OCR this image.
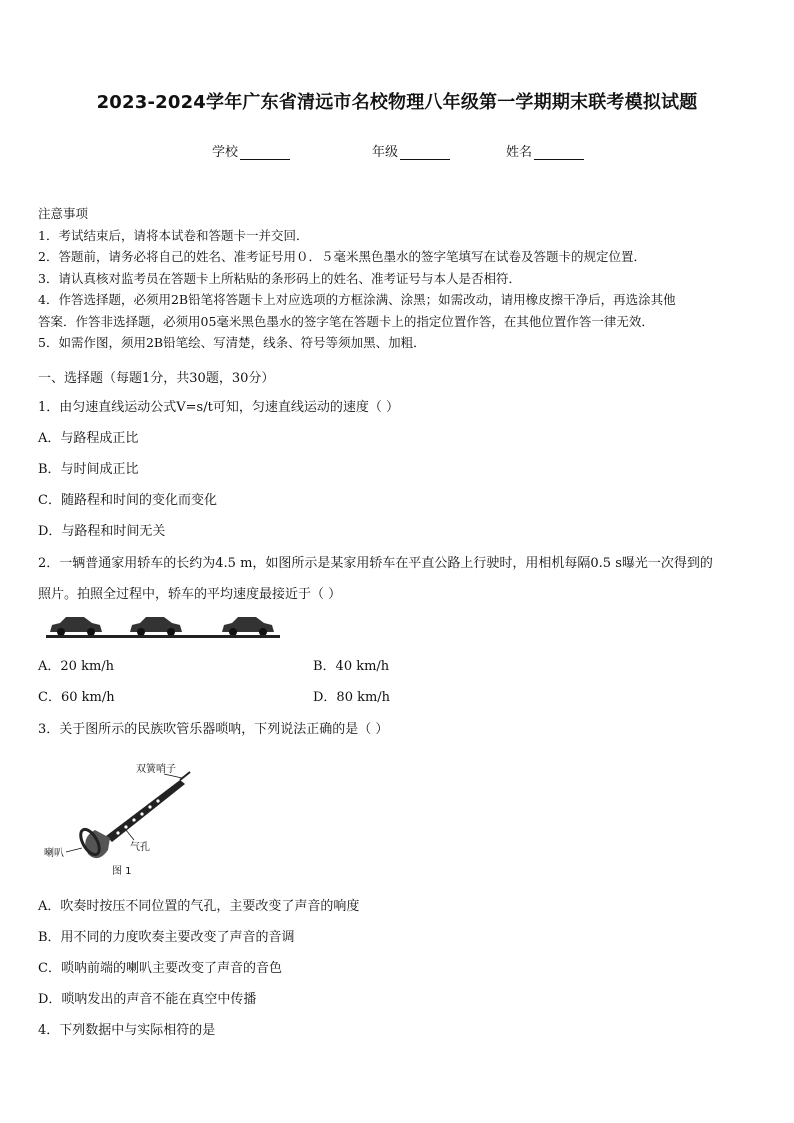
2023-2024学年广东省清远市名校物理八年级第一学期期末联考模拟试题
学校	年级	姓名
注意事项
1．考试结束后，请将本试卷和答题卡一并交回．
2．答题前，请务必将自己的姓名、准考证号用０．５毫米黑色墨水的签字笔填写在试卷及答题卡的规定位置．
3．请认真核对监考员在答题卡上所粘贴的条形码上的姓名、准考证号与本人是否相符．
4．作答选择题，必须用2B铅笔将答题卡上对应选项的方框涂满、涂黑；如需改动，请用橡皮擦干净后，再选涂其他
答案．作答非选择题，必须用05毫米黑色墨水的签字笔在答题卡上的指定位置作答，在其他位置作答一律无效．
5．如需作图，须用2B铅笔绘、写清楚，线条、符号等须加黑、加粗．
一、选择题（每题1分，共30题，30分）
1．由匀速直线运动公式V=s/t可知，匀速直线运动的速度（ ）
A．与路程成正比
B．与时间成正比
C．随路程和时间的变化而变化
D．与路程和时间无关
2．一辆普通家用轿车的长约为4.5 m，如图所示是某家用轿车在平直公路上行驶时，用相机每隔0.5 s曝光一次得到的
照片。拍照全过程中，轿车的平均速度最接近于（ ）
A．20 km/h	B．40 km/h
C．60 km/h	D．80 km/h
3．关于图所示的民族吹管乐器唢呐，下列说法正确的是（ ）
双簧哨子
气孔
喇叭
图 1
A．吹奏时按压不同位置的气孔，主要改变了声音的响度
B．用不同的力度吹奏主要改变了声音的音调
C．唢呐前端的喇叭主要改变了声音的音色
D．唢呐发出的声音不能在真空中传播
4．下列数据中与实际相符的是
